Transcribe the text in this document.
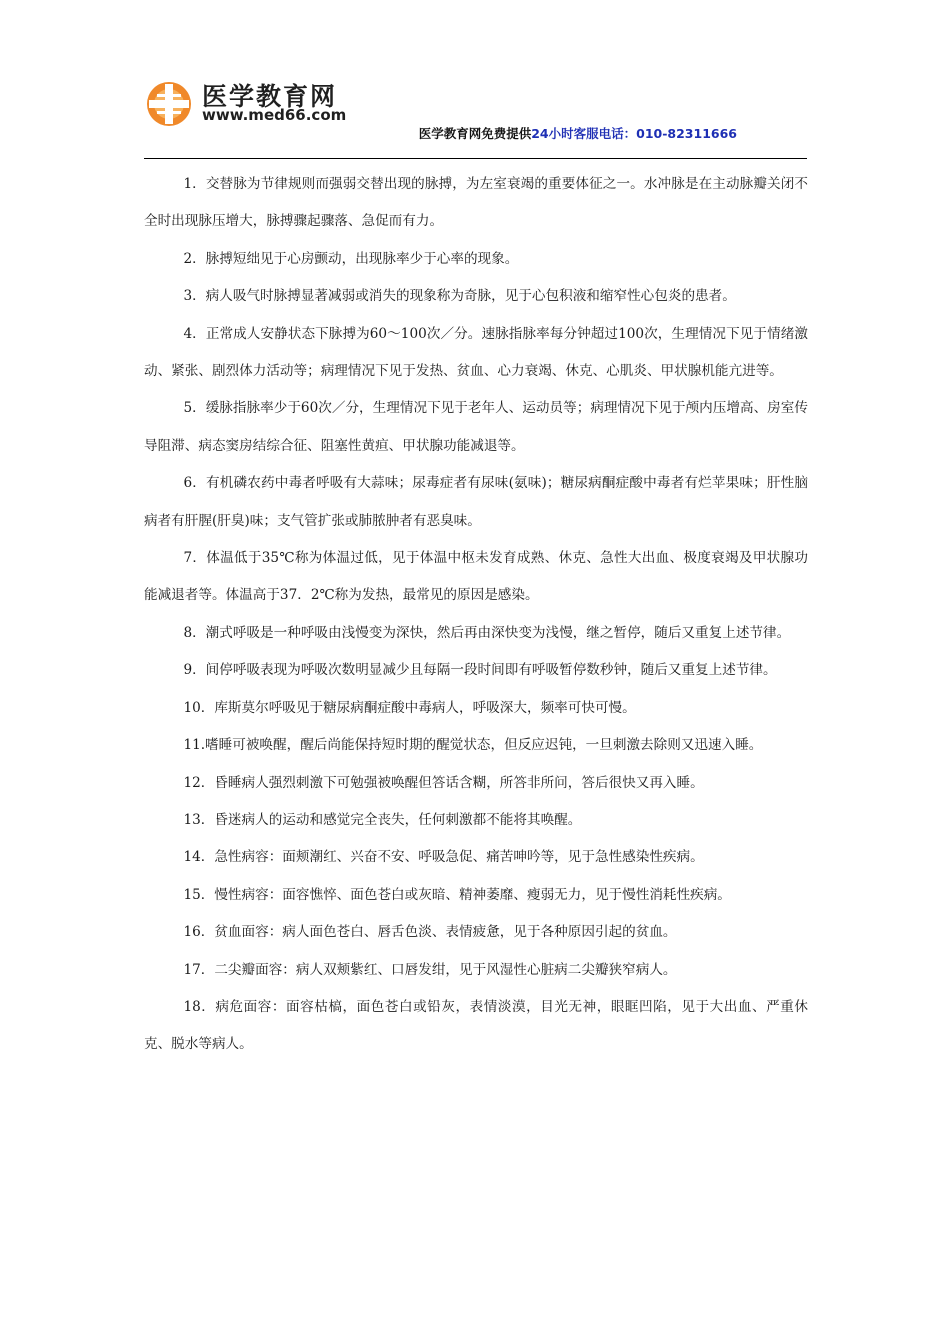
医学教育网
www.med66.com
医学教育网免费提供24小时客服电话：010-82311666

1．交替脉为节律规则而强弱交替出现的脉搏，为左室衰竭的重要体征之一。水冲脉是在主动脉瓣关闭不全时出现脉压增大，脉搏骤起骤落、急促而有力。

2．脉搏短绌见于心房颤动，出现脉率少于心率的现象。

3．病人吸气时脉搏显著减弱或消失的现象称为奇脉，见于心包积液和缩窄性心包炎的患者。

4．正常成人安静状态下脉搏为60～100次／分。速脉指脉率每分钟超过100次，生理情况下见于情绪激动、紧张、剧烈体力活动等；病理情况下见于发热、贫血、心力衰竭、休克、心肌炎、甲状腺机能亢进等。

5．缓脉指脉率少于60次／分，生理情况下见于老年人、运动员等；病理情况下见于颅内压增高、房室传导阻滞、病态窦房结综合征、阻塞性黄疸、甲状腺功能减退等。

6．有机磷农药中毒者呼吸有大蒜味；尿毒症者有尿味(氨味)；糖尿病酮症酸中毒者有烂苹果味；肝性脑病者有肝腥(肝臭)味；支气管扩张或肺脓肿者有恶臭味。

7．体温低于35℃称为体温过低，见于体温中枢未发育成熟、休克、急性大出血、极度衰竭及甲状腺功能减退者等。体温高于37．2℃称为发热，最常见的原因是感染。

8．潮式呼吸是一种呼吸由浅慢变为深快，然后再由深快变为浅慢，继之暂停，随后又重复上述节律。

9．间停呼吸表现为呼吸次数明显减少且每隔一段时间即有呼吸暂停数秒钟，随后又重复上述节律。

10．库斯莫尔呼吸见于糖尿病酮症酸中毒病人，呼吸深大，频率可快可慢。

11.嗜睡可被唤醒，醒后尚能保持短时期的醒觉状态，但反应迟钝，一旦刺激去除则又迅速入睡。

12．昏睡病人强烈刺激下可勉强被唤醒但答话含糊，所答非所问，答后很快又再入睡。

13．昏迷病人的运动和感觉完全丧失，任何刺激都不能将其唤醒。

14．急性病容：面颊潮红、兴奋不安、呼吸急促、痛苦呻吟等，见于急性感染性疾病。

15．慢性病容：面容憔悴、面色苍白或灰暗、精神萎靡、瘦弱无力，见于慢性消耗性疾病。

16．贫血面容：病人面色苍白、唇舌色淡、表情疲惫，见于各种原因引起的贫血。

17．二尖瓣面容：病人双颊紫红、口唇发绀，见于风湿性心脏病二尖瓣狭窄病人。

18．病危面容：面容枯槁，面色苍白或铅灰，表情淡漠，目光无神，眼眶凹陷，见于大出血、严重休克、脱水等病人。
